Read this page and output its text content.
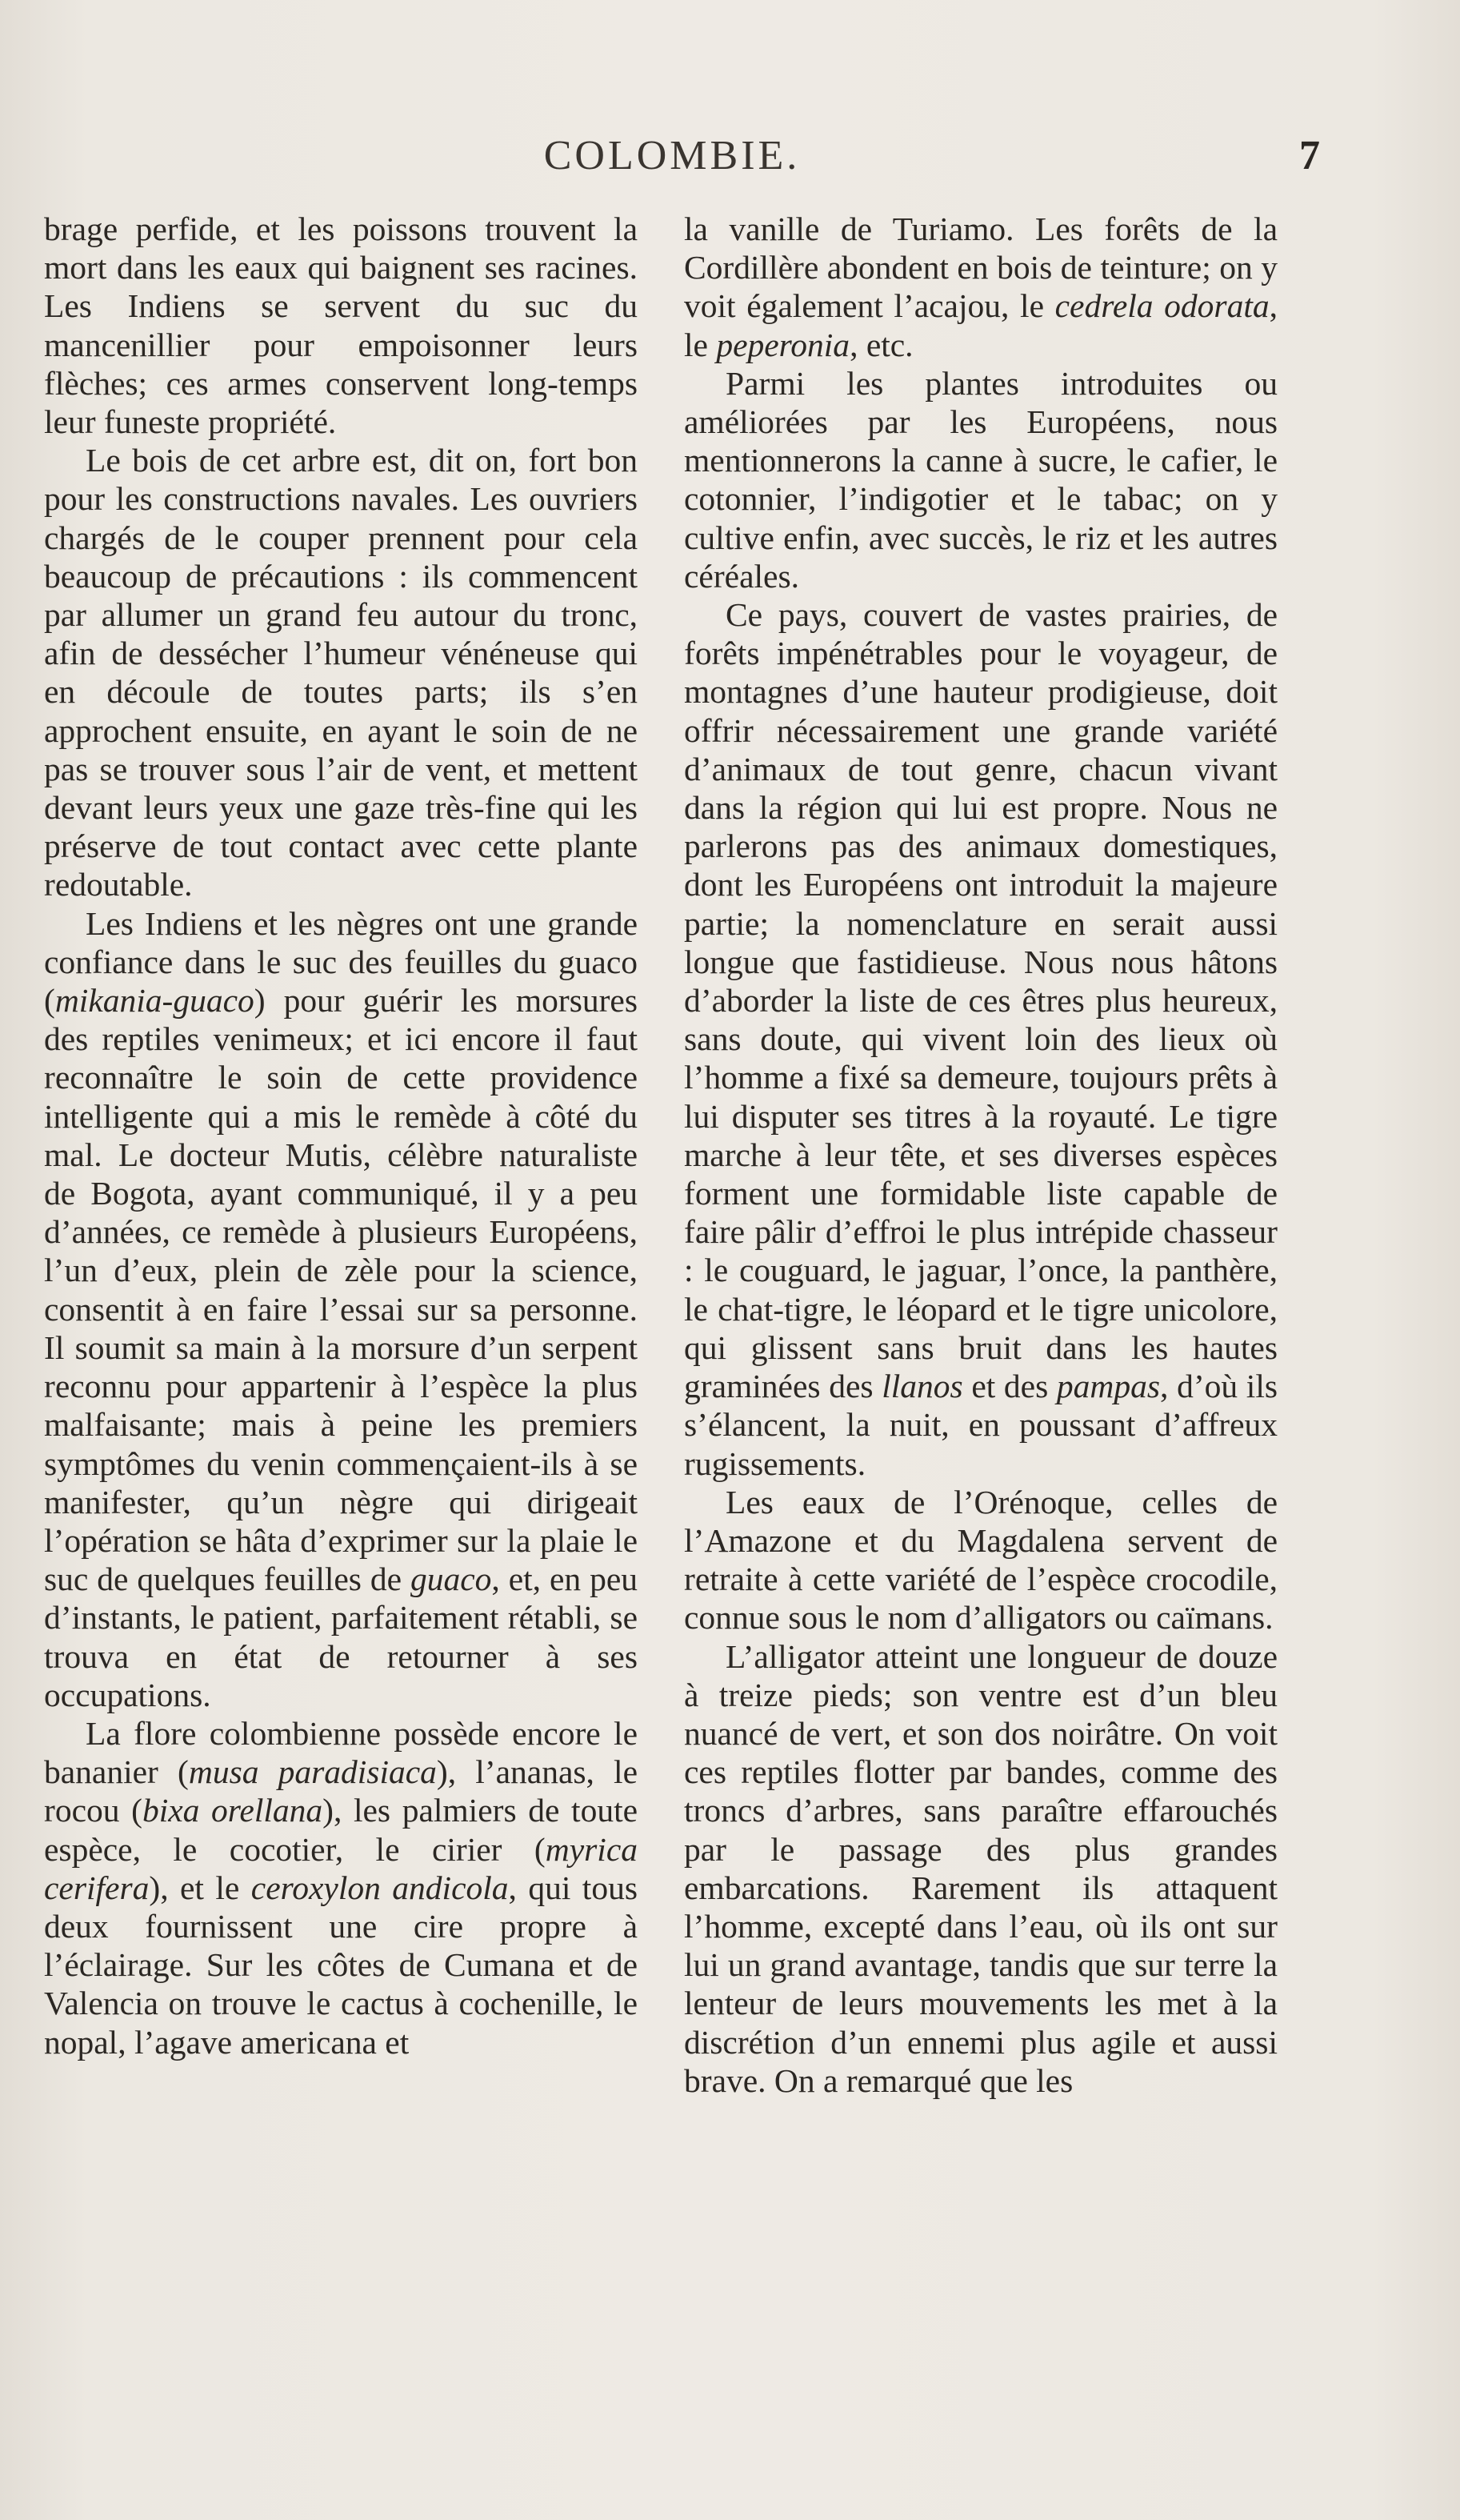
COLOMBIE.	7

brage perfide, et les poissons trouvent la mort dans les eaux qui baignent ses racines. Les Indiens se servent du suc du mancenillier pour empoisonner leurs flèches; ces armes conservent long-temps leur funeste propriété.

Le bois de cet arbre est, dit on, fort bon pour les constructions navales. Les ouvriers chargés de le couper prennent pour cela beaucoup de précautions : ils commencent par allumer un grand feu autour du tronc, afin de dessécher l’humeur vénéneuse qui en découle de toutes parts; ils s’en approchent ensuite, en ayant le soin de ne pas se trouver sous l’air de vent, et mettent devant leurs yeux une gaze très-fine qui les préserve de tout contact avec cette plante redoutable.

Les Indiens et les nègres ont une grande confiance dans le suc des feuilles du guaco (mikania-guaco) pour guérir les morsures des reptiles venimeux; et ici encore il faut reconnaître le soin de cette providence intelligente qui a mis le remède à côté du mal. Le docteur Mutis, célèbre naturaliste de Bogota, ayant communiqué, il y a peu d’années, ce remède à plusieurs Européens, l’un d’eux, plein de zèle pour la science, consentit à en faire l’essai sur sa personne. Il soumit sa main à la morsure d’un serpent reconnu pour appartenir à l’espèce la plus malfaisante; mais à peine les premiers symptômes du venin commençaient-ils à se manifester, qu’un nègre qui dirigeait l’opération se hâta d’exprimer sur la plaie le suc de quelques feuilles de guaco, et, en peu d’instants, le patient, parfaitement rétabli, se trouva en état de retourner à ses occupations.

La flore colombienne possède encore le bananier (musa paradisiaca), l’ananas, le rocou (bixa orellana), les palmiers de toute espèce, le cocotier, le cirier (myrica cerifera), et le ceroxylon andicola, qui tous deux fournissent une cire propre à l’éclairage. Sur les côtes de Cumana et de Valencia on trouve le cactus à cochenille, le nopal, l’agave americana et

la vanille de Turiamo. Les forêts de la Cordillère abondent en bois de teinture; on y voit également l’acajou, le cedrela odorata, le peperonia, etc.

Parmi les plantes introduites ou améliorées par les Européens, nous mentionnerons la canne à sucre, le cafier, le cotonnier, l’indigotier et le tabac; on y cultive enfin, avec succès, le riz et les autres céréales.

Ce pays, couvert de vastes prairies, de forêts impénétrables pour le voyageur, de montagnes d’une hauteur prodigieuse, doit offrir nécessairement une grande variété d’animaux de tout genre, chacun vivant dans la région qui lui est propre. Nous ne parlerons pas des animaux domestiques, dont les Européens ont introduit la majeure partie; la nomenclature en serait aussi longue que fastidieuse. Nous nous hâtons d’aborder la liste de ces êtres plus heureux, sans doute, qui vivent loin des lieux où l’homme a fixé sa demeure, toujours prêts à lui disputer ses titres à la royauté. Le tigre marche à leur tête, et ses diverses espèces forment une formidable liste capable de faire pâlir d’effroi le plus intrépide chasseur : le couguard, le jaguar, l’once, la panthère, le chat-tigre, le léopard et le tigre unicolore, qui glissent sans bruit dans les hautes graminées des llanos et des pampas, d’où ils s’élancent, la nuit, en poussant d’affreux rugissements.

Les eaux de l’Orénoque, celles de l’Amazone et du Magdalena servent de retraite à cette variété de l’espèce crocodile, connue sous le nom d’alligators ou caïmans.

L’alligator atteint une longueur de douze à treize pieds; son ventre est d’un bleu nuancé de vert, et son dos noirâtre. On voit ces reptiles flotter par bandes, comme des troncs d’arbres, sans paraître effarouchés par le passage des plus grandes embarcations. Rarement ils attaquent l’homme, excepté dans l’eau, où ils ont sur lui un grand avantage, tandis que sur terre la lenteur de leurs mouvements les met à la discrétion d’un ennemi plus agile et aussi brave. On a remarqué que les
